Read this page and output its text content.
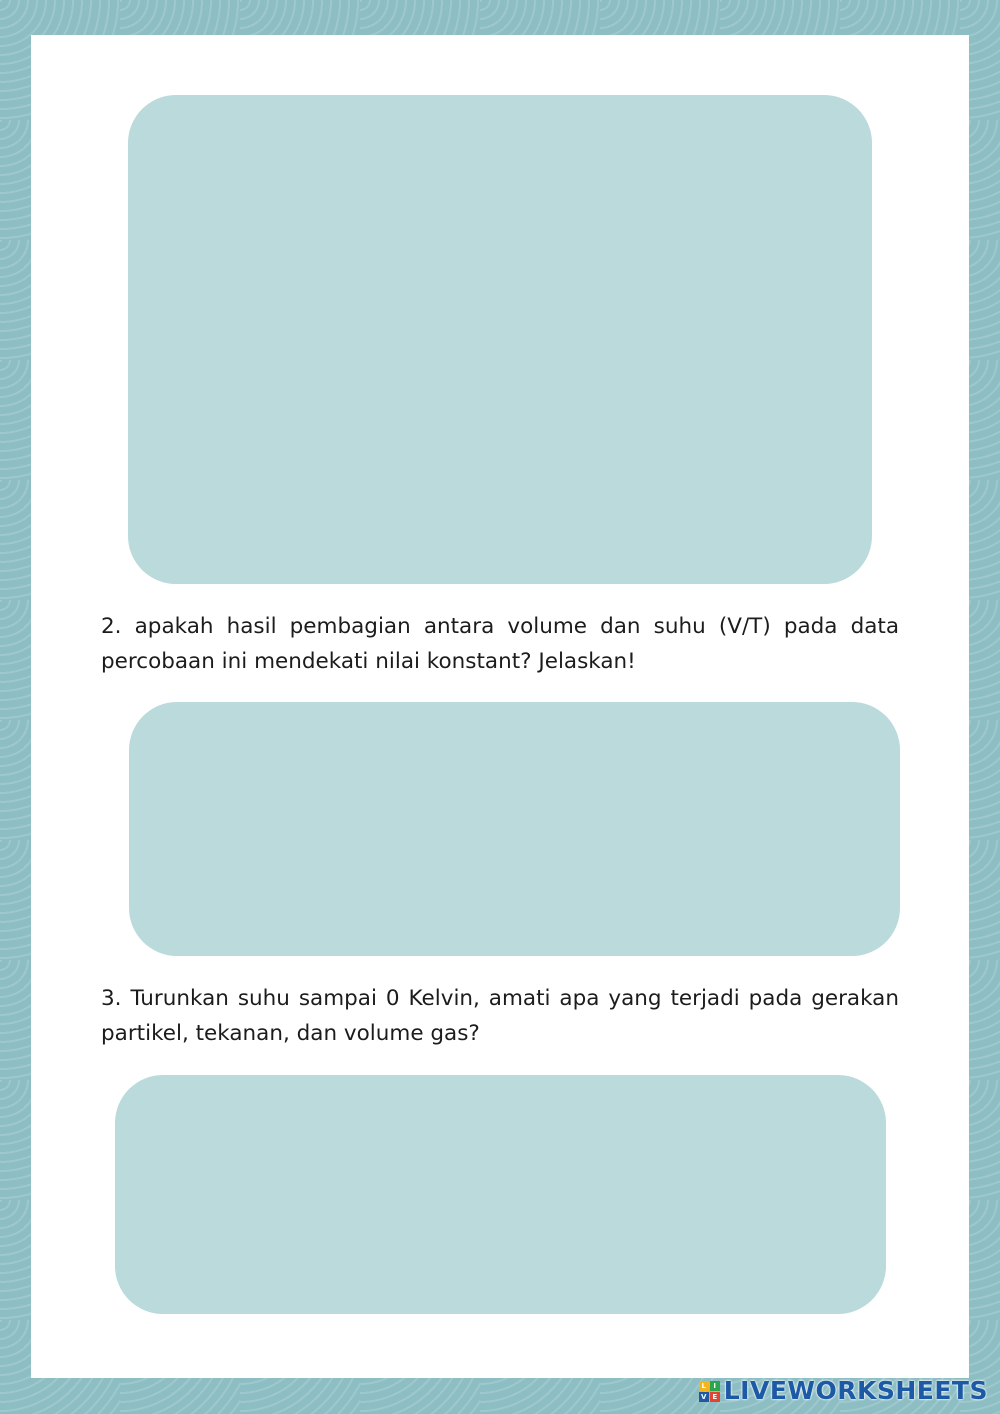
2. apakah hasil pembagian antara volume dan suhu (V/T) pada data percobaan ini mendekati nilai konstant? Jelaskan!

3. Turunkan suhu sampai 0 Kelvin, amati apa yang terjadi pada gerakan partikel, tekanan, dan volume gas?

L	I
V E LIVEWORKSHEETS
